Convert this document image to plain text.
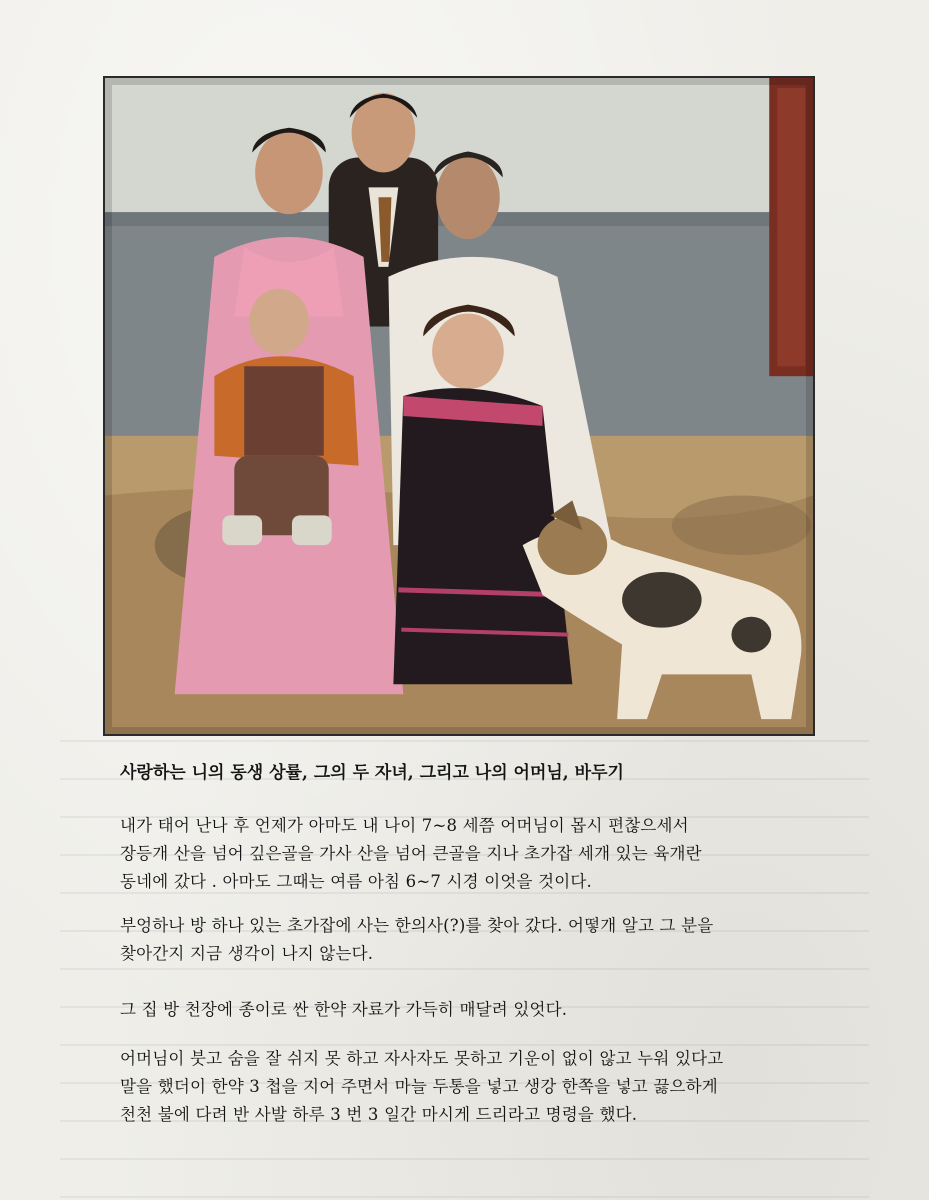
사랑하는 니의 동생 상률, 그의 두 자녀, 그리고 나의 어머님, 바두기
내가 태어 난나 후 언제가 아마도 내 나이 7~8 세쯤 어머님이 몹시 편찮으세서
장등개 산을 넘어 깊은골을 가사 산을 넘어 큰골을 지나 초가잡 세개 있는 육개란
동네에 갔다 . 아마도 그때는 여름 아침 6~7 시경 이엇을 것이다.
부엉하나 방 하나 있는 초가잡에 사는 한의사(?)를 찾아 갔다. 어떻개 알고 그 분을
찾아간지 지금 생각이 나지 않는다.
그 집 방 천장에 종이로 싼 한약 자료가 가득히 매달려 있엇다.
어머님이 붓고 숨을 잘 쉬지 못 하고 자사자도 못하고 기운이 없이 않고 누워 있다고
말을 했더이 한약 3 첩을 지어 주면서 마늘 두통을 넣고 생강 한쪽을 넣고 끓으하게
천천 불에 다려 반 사발 하루 3 번 3 일간 마시게 드리라고 명령을 했다.
